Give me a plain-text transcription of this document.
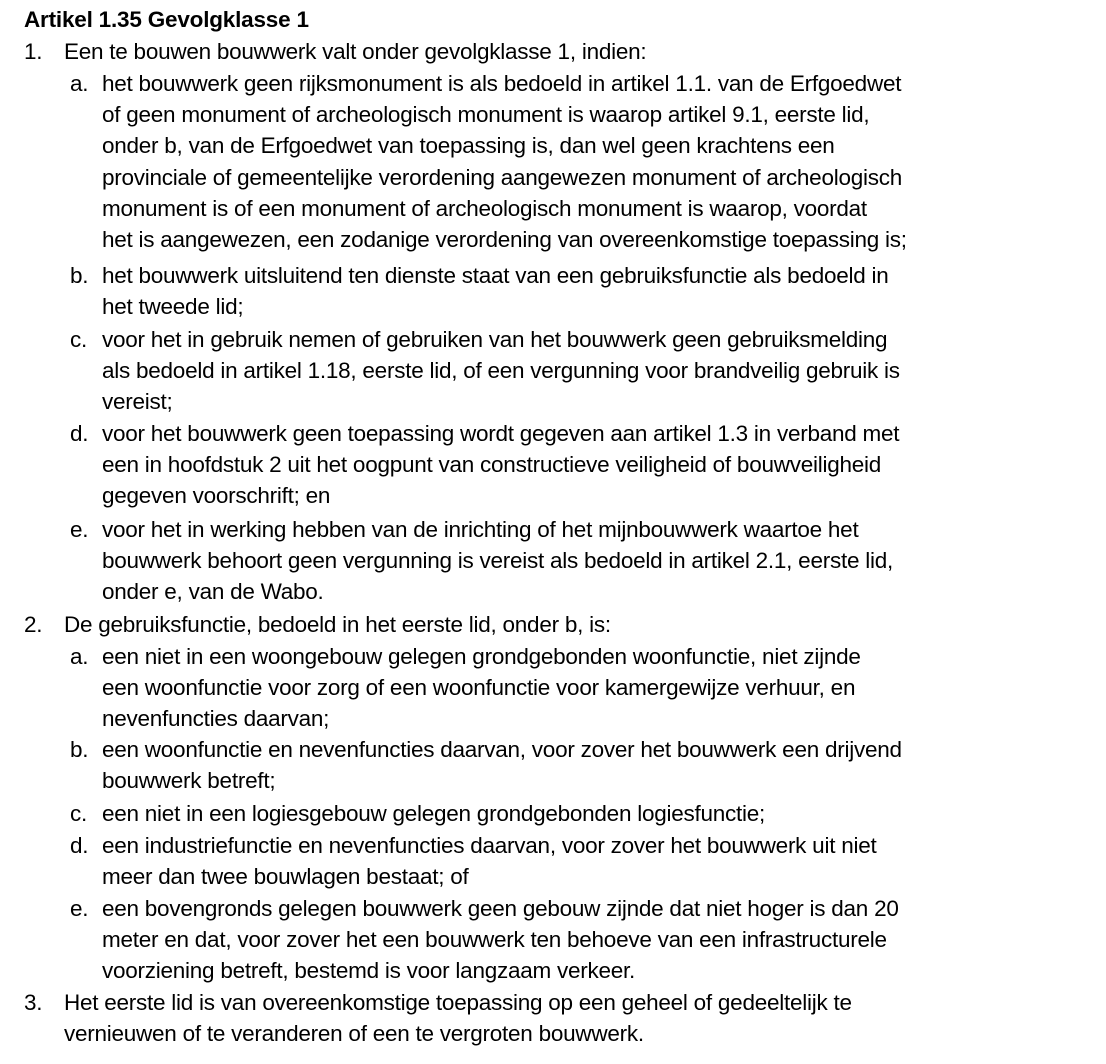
Artikel 1.35 Gevolgklasse 1
1. Een te bouwen bouwwerk valt onder gevolgklasse 1, indien:
a. het bouwwerk geen rijksmonument is als bedoeld in artikel 1.1. van de Erfgoedwet
of geen monument of archeologisch monument is waarop artikel 9.1, eerste lid,
onder b, van de Erfgoedwet van toepassing is, dan wel geen krachtens een
provinciale of gemeentelijke verordening aangewezen monument of archeologisch
monument is of een monument of archeologisch monument is waarop, voordat
het is aangewezen, een zodanige verordening van overeenkomstige toepassing is;
b. het bouwwerk uitsluitend ten dienste staat van een gebruiksfunctie als bedoeld in
het tweede lid;
c. voor het in gebruik nemen of gebruiken van het bouwwerk geen gebruiksmelding
als bedoeld in artikel 1.18, eerste lid, of een vergunning voor brandveilig gebruik is
vereist;
d. voor het bouwwerk geen toepassing wordt gegeven aan artikel 1.3 in verband met
een in hoofdstuk 2 uit het oogpunt van constructieve veiligheid of bouwveiligheid
gegeven voorschrift; en
e. voor het in werking hebben van de inrichting of het mijnbouwwerk waartoe het
bouwwerk behoort geen vergunning is vereist als bedoeld in artikel 2.1, eerste lid,
onder e, van de Wabo.
2. De gebruiksfunctie, bedoeld in het eerste lid, onder b, is:
a. een niet in een woongebouw gelegen grondgebonden woonfunctie, niet zijnde
een woonfunctie voor zorg of een woonfunctie voor kamergewijze verhuur, en
nevenfuncties daarvan;
b. een woonfunctie en nevenfuncties daarvan, voor zover het bouwwerk een drijvend
bouwwerk betreft;
c. een niet in een logiesgebouw gelegen grondgebonden logiesfunctie;
d. een industriefunctie en nevenfuncties daarvan, voor zover het bouwwerk uit niet
meer dan twee bouwlagen bestaat; of
e. een bovengronds gelegen bouwwerk geen gebouw zijnde dat niet hoger is dan 20
meter en dat, voor zover het een bouwwerk ten behoeve van een infrastructurele
voorziening betreft, bestemd is voor langzaam verkeer.
3. Het eerste lid is van overeenkomstige toepassing op een geheel of gedeeltelijk te
vernieuwen of te veranderen of een te vergroten bouwwerk.
